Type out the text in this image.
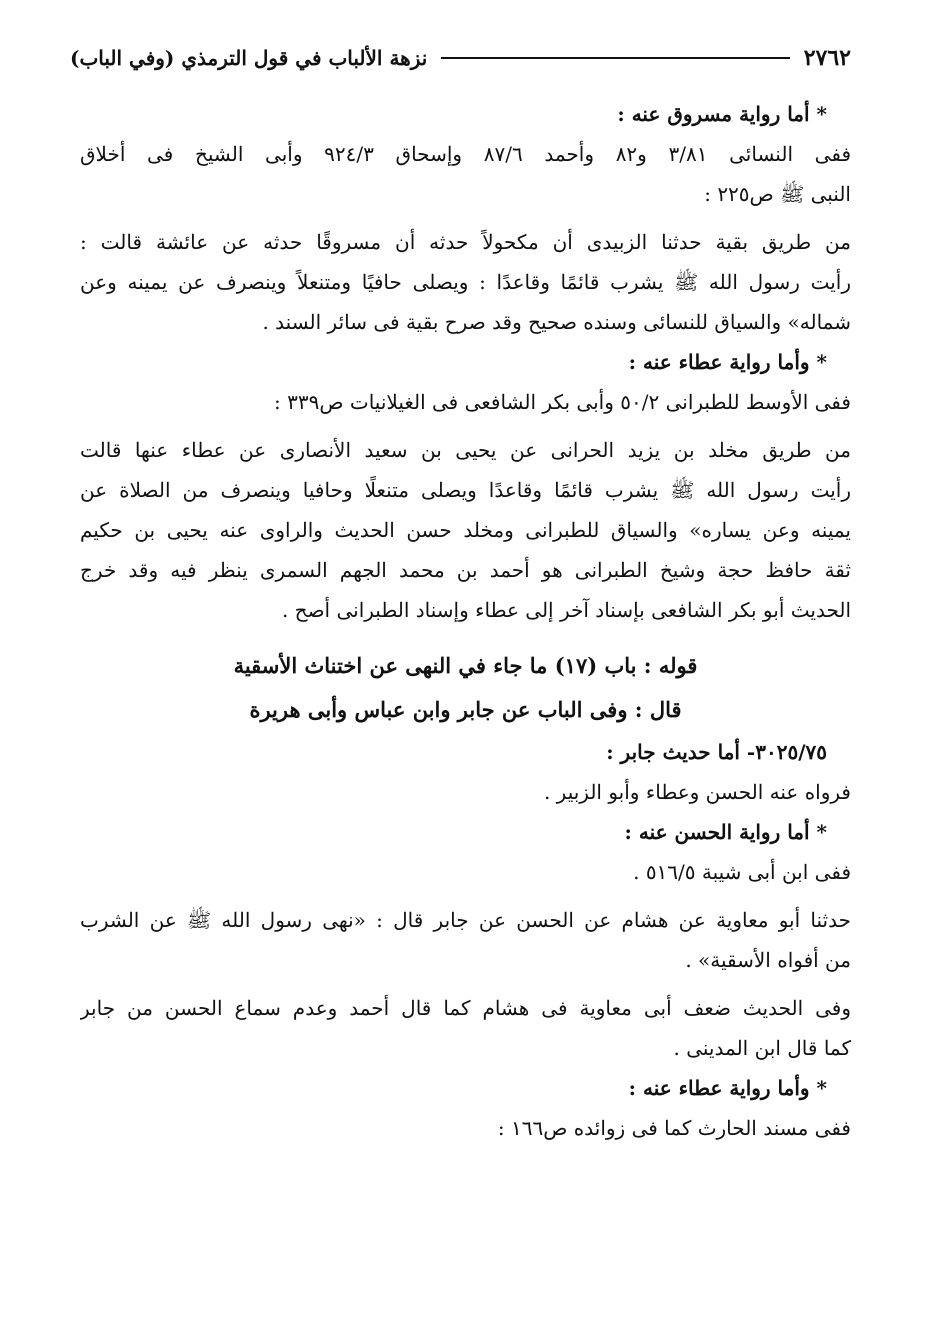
٢٧٦٢
نزهة الألباب في قول الترمذي (وفي الباب)
* أما رواية مسروق عنه :
ففى النسائى ٣/٨١ و٨٢ وأحمد ٨٧/٦ وإسحاق ٩٢٤/٣ وأبى الشيخ فى أخلاق
النبى ﷺ ص٢٢٥ :
من طريق بقية حدثنا الزبيدى أن مكحولاً حدثه أن مسروقًا حدثه عن عائشة قالت :
رأيت رسول الله ﷺ يشرب قائمًا وقاعدًا : ويصلى حافيًا ومتنعلاً وينصرف عن يمينه وعن
شماله» والسياق للنسائى وسنده صحيح وقد صرح بقية فى سائر السند .
* وأما رواية عطاء عنه :
ففى الأوسط للطبرانى ٥٠/٢ وأبى بكر الشافعى فى الغيلانيات ص٣٣٩ :
من طريق مخلد بن يزيد الحرانى عن يحيى بن سعيد الأنصارى عن عطاء عنها قالت
رأيت رسول الله ﷺ يشرب قائمًا وقاعدًا ويصلى متنعلًا وحافيا وينصرف من الصلاة عن
يمينه وعن يساره» والسياق للطبرانى ومخلد حسن الحديث والراوى عنه يحيى بن حكيم
ثقة حافظ حجة وشيخ الطبرانى هو أحمد بن محمد الجهم السمرى ينظر فيه وقد خرج
الحديث أبو بكر الشافعى بإسناد آخر إلى عطاء وإسناد الطبرانى أصح .
قوله : باب (١٧) ما جاء في النهى عن اختناث الأسقية
قال : وفى الباب عن جابر وابن عباس وأبى هريرة
٣٠٢٥/٧٥- أما حديث جابر :
فرواه عنه الحسن وعطاء وأبو الزبير .
* أما رواية الحسن عنه :
ففى ابن أبى شيبة ٥١٦/٥ .
حدثنا أبو معاوية عن هشام عن الحسن عن جابر قال : «نهى رسول الله ﷺ عن الشرب
من أفواه الأسقية» .
وفى الحديث ضعف أبى معاوية فى هشام كما قال أحمد وعدم سماع الحسن من جابر
كما قال ابن المدينى .
* وأما رواية عطاء عنه :
ففى مسند الحارث كما فى زوائده ص١٦٦ :
